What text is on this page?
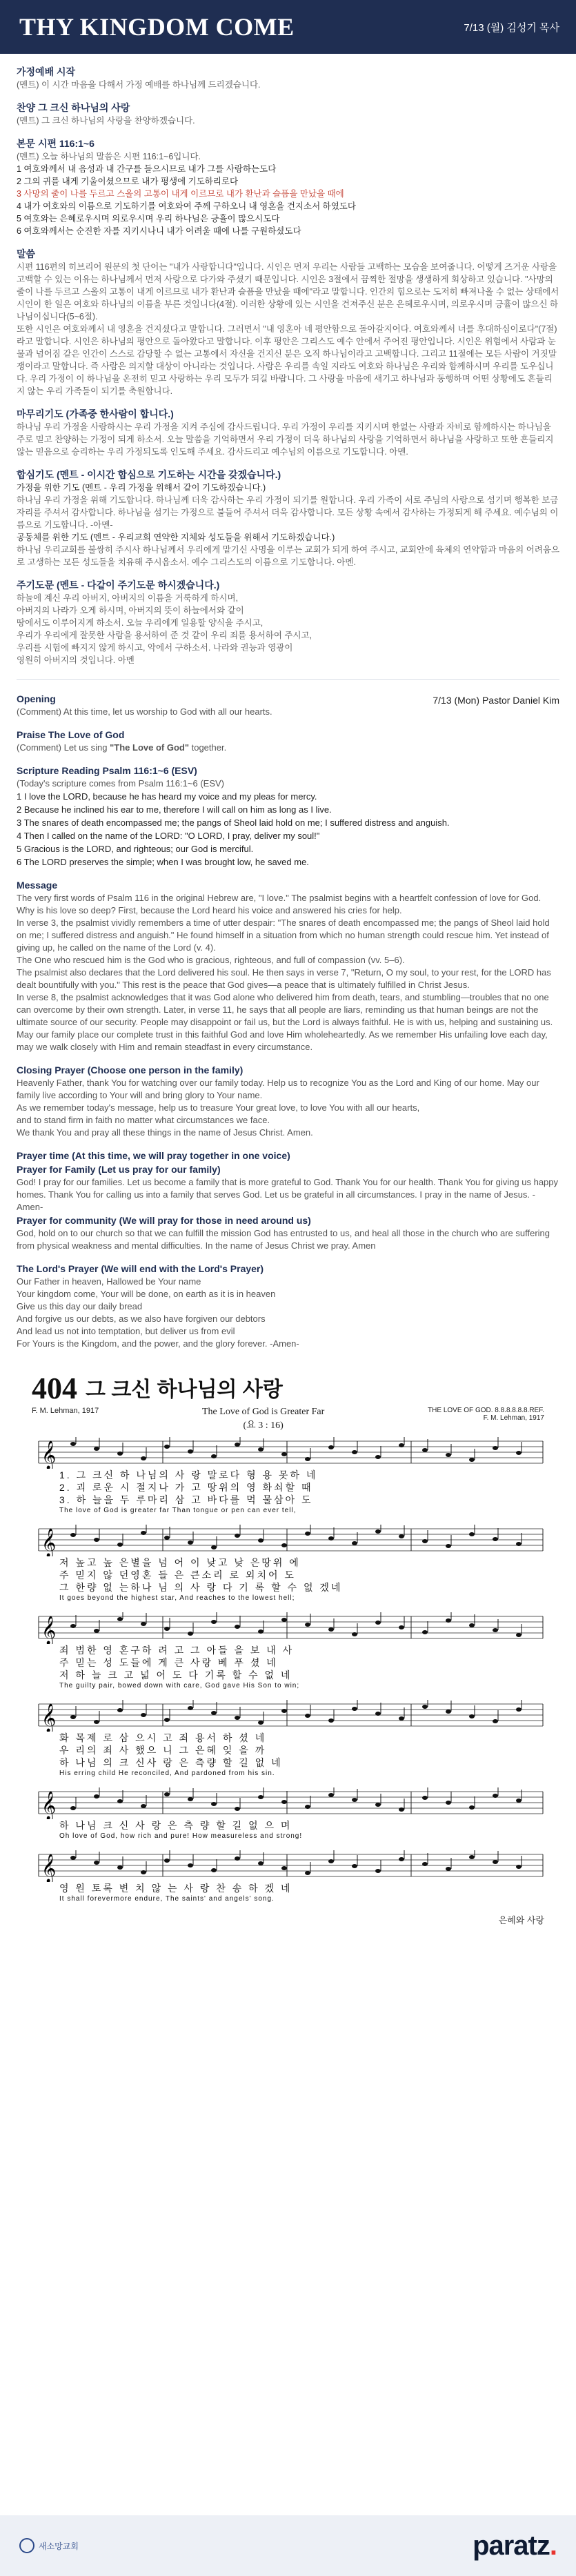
THY KINGDOM COME	7/13 (월) 김성기 목사
가정예배 시작
(멘트) 이 시간 마음을 다해서 가정 예배를 하나님께 드리겠습니다.
찬양 그 크신 하나님의 사랑
(멘트) 그 크신 하나님의 사랑을 찬양하겠습니다.
본문 시편 116:1~6
(멘트) 오늘 하나님의 말씀은 시편 116:1~6입니다.
1 여호와께서 내 음성과 내 간구를 들으시므로 내가 그를 사랑하는도다
2 그의 귀를 내게 기울이셨으므로 내가 평생에 기도하리로다
3 사망의 줄이 나를 두르고 스올의 고통이 내게 이르므로 내가 환난과 슬픔을 만났을 때에
4 내가 여호와의 이름으로 기도하기를 여호와여 주께 구하오니 내 영혼을 건지소서 하였도다
5 여호와는 은혜로우시며 의로우시며 우리 하나님은 긍휼이 많으시도다
6 여호와께서는 순진한 자를 지키시나니 내가 어려울 때에 나를 구원하셨도다
말씀
시편 116편의 히브리어 원문의 첫 단어는 "내가 사랑합니다"입니다. 시인은 먼저 우리는 사람들 고백하는 모습을 보여줍니다. 어떻게 즈거운 사랑을 고백할 수 있는 이유는 하나님께서 먼저 사랑으로 다가와 주셨기 때문입니다. 시인은 3절에서 끔찍한 절망을 생생하게 회상하고 있습니다. "사망의 줄이 나를 두르고 스올의 고통이 내게 이르므로 내가 환난과 슬픔을 만났을 때에"라고 말합니다. 인간의 힘으로는 도저히 빠져나올 수 없는 상태에서 시인이 한 일은 여호와 하나님의 이름을 부른 것입니다(4절). 이러한 상황에 있는 시인을 건져주신 분은 은혜로우시며, 의로우시며 긍휼이 많으신 하나님이십니다(5~6절).
또한 시인은 여호와께서 내 영혼을 건지셨다고 말합니다. 그러면서 "내 영혼아 네 평안함으로 돌아갈지어다. 여호와께서 너를 후대하심이로다"(7절)라고 말합니다. 시인은 하나님의 평안으로 돌아왔다고 말합니다. 이후 평안은 그리스도 예수 안에서 주어진 평안입니다. 시인은 위험에서 사람과 눈물과 넘어짐 같은 인간이 스스로 감당할 수 없는 고통에서 자신을 건지신 분은 오직 하나님이라고 고백합니다. 그리고 11절에는 모든 사람이 거짓말쟁이라고 말합니다. 즉 사람은 의지할 대상이 아니라는 것입니다. 사람은 우리를 속일 지라도 여호와 하나님은 우리와 함께하시며 우리를 도우십니다. 우리 가정이 이 하나님을 온전히 믿고 사랑하는 우리 모두가 되길 바랍니다. 그 사랑을 마음에 새기고 하나님과 동행하며 어떤 상황에도 흔들리지 않는 우리 가족들이 되기를 축원합니다.
마무리기도 (가족중 한사람이 합니다.)
하나님 우리 가정을 사랑하시는 우리 가정을 지켜 주심에 감사드립니다. 우리 가정이 우리를 지키시며 한없는 사랑과 자비로 함께하시는 하나님을 주로 믿고 찬양하는 가정이 되게 하소서. 오늘 말씀을 기억하면서 우리 가정이 더욱 하나님의 사랑을 기억하면서 하나님을 사랑하고 또한 흔들리지 않는 믿음으로 승리하는 우리 가정되도록 인도해 주세요. 감사드리고 예수님의 이름으로 기도합니다. 아멘.
합심기도 (멘트 - 이시간 합심으로 기도하는 시간을 갖겠습니다.)
가정을 위한 기도 (멘트 - 우리 가정을 위해서 같이 기도하겠습니다.)
하나님 우리 가정을 위해 기도합니다. 하나님께 더욱 감사하는 우리 가정이 되기를 원합니다. 우리 가족이 서로 주님의 사랑으로 섬기며 행복한 보금자리를 주셔서 감사합니다. 하나님을 섬기는 가정으로 붙들어 주셔서 더욱 감사합니다. 모든 상황 속에서 감사하는 가정되게 해 주세요. 예수님의 이름으로 기도합니다. -아멘-
공동체를 위한 기도 (멘트 - 우리교회 연약한 지체와 성도들을 위해서 기도하겠습니다.)
하나님 우리교회를 불쌍히 주시사 하나님께서 우리에게 맡기신 사명을 이루는 교회가 되게 하여 주시고, 교회안에 육체의 연약함과 마음의 어려움으로 고생하는 모든 성도들을 치유해 주시옵소서. 예수 그리스도의 이름으로 기도합니다. 아멘.
주기도문 (멘트 - 다같이 주기도문 하시겠습니다.)
하늘에 계신 우리 아버지, 아버지의 이름을 거룩하게 하시며,
아버지의 나라가 오게 하시며, 아버지의 뜻이 하늘에서와 같이
땅에서도 이루어지게 하소서. 오늘 우리에게 일용할 양식을 주시고,
우리가 우리에게 잘못한 사람을 용서하여 준 것 같이 우리 죄를 용서하여 주시고,
우리를 시험에 빠지지 않게 하시고, 악에서 구하소서. 나라와 권능과 영광이
영원히 아버지의 것입니다. 아멘
Opening	7/13 (Mon) Pastor Daniel Kim
(Comment) At this time, let us worship to God with all our hearts.
Praise The Love of God
(Comment) Let us sing "The Love of God" together.
Scripture Reading Psalm 116:1~6 (ESV)
(Today's scripture comes from Psalm 116:1~6 (ESV)
1 I love the LORD, because he has heard my voice and my pleas for mercy.
2 Because he inclined his ear to me, therefore I will call on him as long as I live.
3 The snares of death encompassed me; the pangs of Sheol laid hold on me; I suffered distress and anguish.
4 Then I called on the name of the LORD: "O LORD, I pray, deliver my soul!"
5 Gracious is the LORD, and righteous; our God is merciful.
6 The LORD preserves the simple; when I was brought low, he saved me.
Message
The very first words of Psalm 116 in the original Hebrew are, "I love." The psalmist begins with a heartfelt confession of love for God. Why is his love so deep? First, because the Lord heard his voice and answered his cries for help.
In verse 3, the psalmist vividly remembers a time of utter despair: "The snares of death encompassed me; the pangs of Sheol laid hold on me; I suffered distress and anguish." He found himself in a situation from which no human strength could rescue him. Yet instead of giving up, he called on the name of the Lord (v. 4).
The One who rescued him is the God who is gracious, righteous, and full of compassion (vv. 5–6).
The psalmist also declares that the Lord delivered his soul. He then says in verse 7, "Return, O my soul, to your rest, for the LORD has dealt bountifully with you." This rest is the peace that God gives—a peace that is ultimately fulfilled in Christ Jesus.
In verse 8, the psalmist acknowledges that it was God alone who delivered him from death, tears, and stumbling—troubles that no one can overcome by their own strength. Later, in verse 11, he says that all people are liars, reminding us that human beings are not the ultimate source of our security. People may disappoint or fail us, but the Lord is always faithful. He is with us, helping and sustaining us.
May our family place our complete trust in this faithful God and love Him wholeheartedly. As we remember His unfailing love each day, may we walk closely with Him and remain steadfast in every circumstance.
Closing Prayer (Choose one person in the family)
Heavenly Father, thank You for watching over our family today. Help us to recognize You as the Lord and King of our home. May our family live according to Your will and bring glory to Your name.
As we remember today's message, help us to treasure Your great love, to love You with all our hearts,
and to stand firm in faith no matter what circumstances we face.
We thank You and pray all these things in the name of Jesus Christ. Amen.
Prayer time (At this time, we will pray together in one voice)
Prayer for Family (Let us pray for our family)
God! I pray for our families. Let us become a family that is more grateful to God. Thank You for our health. Thank You for giving us happy homes. Thank You for calling us into a family that serves God. Let us be grateful in all circumstances. I pray in the name of Jesus. -Amen-
Prayer for community (We will pray for those in need around us)
God, hold on to our church so that we can fulfill the mission God has entrusted to us, and heal all those in the church who are suffering from physical weakness and mental difficulties. In the name of Jesus Christ we pray. Amen
The Lord's Prayer (We will end with the Lord's Prayer)
Our Father in heaven, Hallowed be Your name
Your kingdom come, Your will be done, on earth as it is in heaven
Give us this day our daily bread
And forgive us our debts, as we also have forgiven our debtors
And lead us not into temptation, but deliver us from evil
For Yours is the Kingdom, and the power, and the glory forever. -Amen-
404 그 크신 하나님의 사랑
F. M. Lehman, 1917	The Love of God is Greater Far
(요 3 : 16)
THE LOVE OF GOD. 8.8.8.8.8.8.REF.
F. M. Lehman, 1917
𝄞
1. 그 크신 하 나님의 사 랑 말로다 형 용 못하 네
2. 괴 로운 시 절지나 가 고 땅위의 영 화쇠할 때
3. 하 늘을 두 루마리 삼 고 바다를 먹 물삼아 도
The love of God is greater far Than tongue or pen can ever tell,
𝄞
저 높고 높 은별을 넘 어 이 낮고 낮 은땅위 에
주 믿지 않 던영혼 들 은 큰소리 로 외치어 도
그 한량 없 는하나 님 의 사 랑 다 기 록 할 수 없 겠네
It goes beyond the highest star, And reaches to the lowest hell;
𝄞
죄 범한 영 혼구하 려 고 그 아들 을 보 내 사
주 믿는 성 도들에 게 큰 사랑 베 푸 셨 네
저 하 늘 크 고 넓 어 도 다 기록 할 수 없 네
The guilty pair, bowed down with care, God gave His Son to win;
𝄞
화 목제 로 삼 으시 고 죄 용서 하 셨 네
우 리의 죄 사 했으 니 그 은혜 잊 을 까
하 나님 의 크 신사 랑 은 측량 할 길 없 네
His erring child He reconciled, And pardoned from his sin.
𝄞
하 나님 크 신 사 랑 은 측 량 할 길 없 으 며
Oh love of God, how rich and pure! How measureless and strong!
𝄞
영 원 토록 변 치 않 는 사 랑 찬 송 하 겠 네
It shall forevermore endure, The saints' and angels' song.
은혜와 사랑
새소망교회	paratz.
